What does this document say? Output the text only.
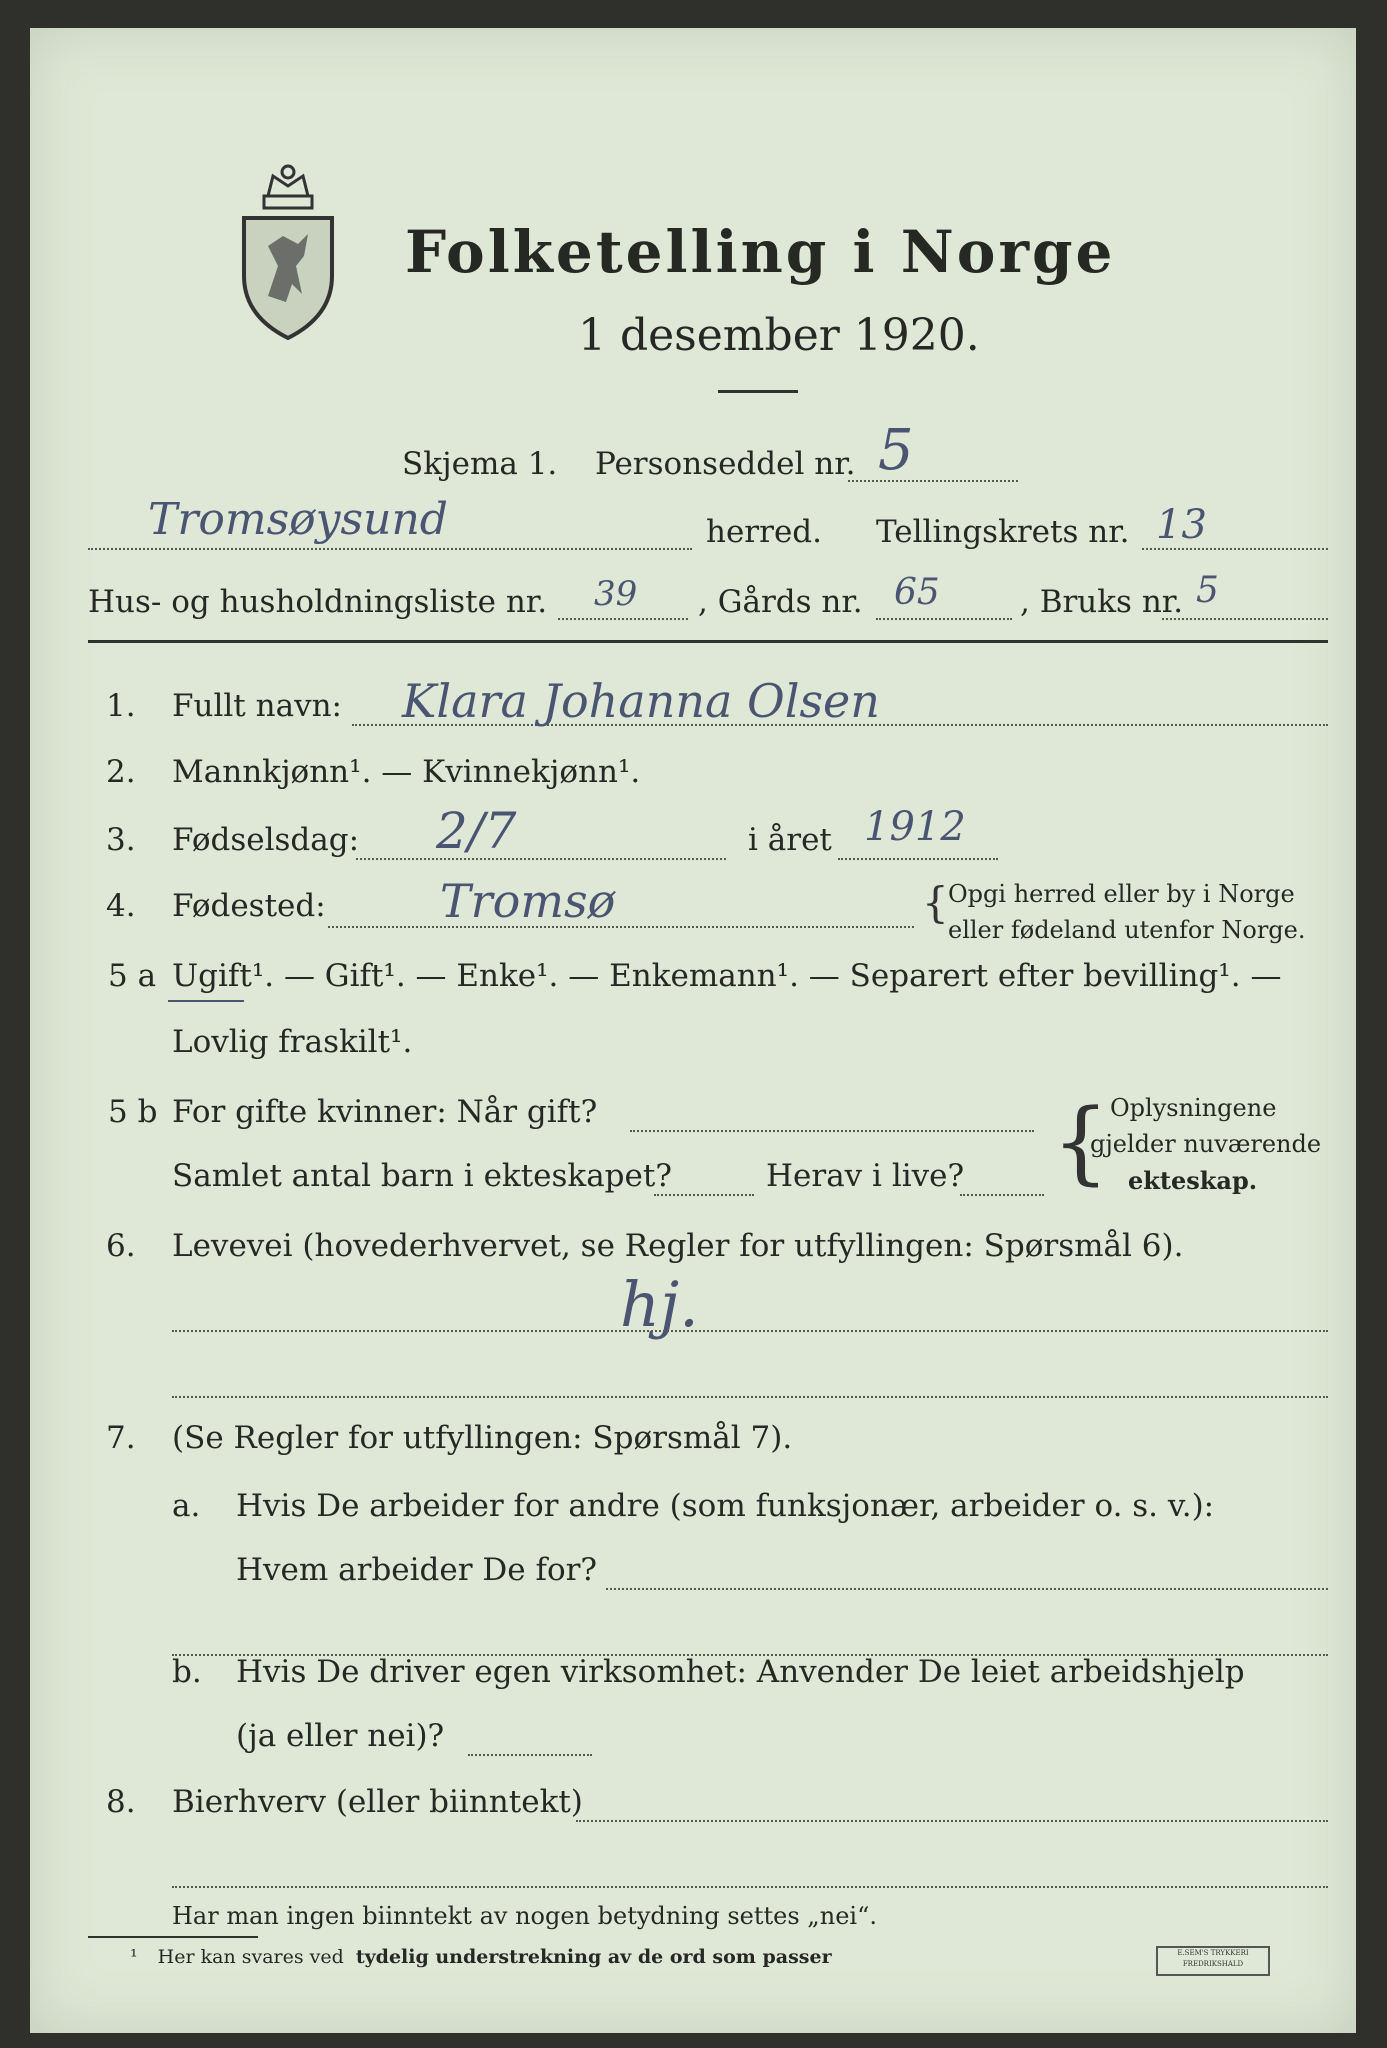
Folketelling i Norge
1 desember 1920.
Skjema 1. Personseddel nr. 5
Tromsøysund	herred. Tellingskrets nr. 13
Hus- og husholdningsliste nr. 39 , Gårds nr. 65	, Bruks nr. 5
1. Fullt navn: Klara Johanna Olsen
2. Mannkjønn¹. — Kvinnekjønn¹.
3. Fødselsdag: 2/7	i året 1912
4. Fødested: Tromsø	{ Opgi herred eller by i Norge
eller fødeland utenfor Norge.
5 a Ugift¹. — Gift¹. — Enke¹. — Enkemann¹. — Separert efter bevilling¹. —
Lovlig fraskilt¹.
5 b For gifte kvinner: Når gift?
Samlet antal barn i ekteskapet?	Herav i live? { Oplysningene
gjelder nuværende
ekteskap.
6. Levevei (hovederhvervet, se Regler for utfyllingen: Spørsmål 6).
hj.
7. (Se Regler for utfyllingen: Spørsmål 7).
a. Hvis De arbeider for andre (som funksjonær, arbeider o. s. v.):
Hvem arbeider De for?
b. Hvis De driver egen virksomhet: Anvender De leiet arbeidshjelp
(ja eller nei)?
8. Bierhverv (eller biinntekt)
Har man ingen biinntekt av nogen betydning settes „nei“.
¹ Her kan svares ved tydelig understrekning av de ord som passer	E.SEM'S TRYKKERI
FREDRIKSHALD
